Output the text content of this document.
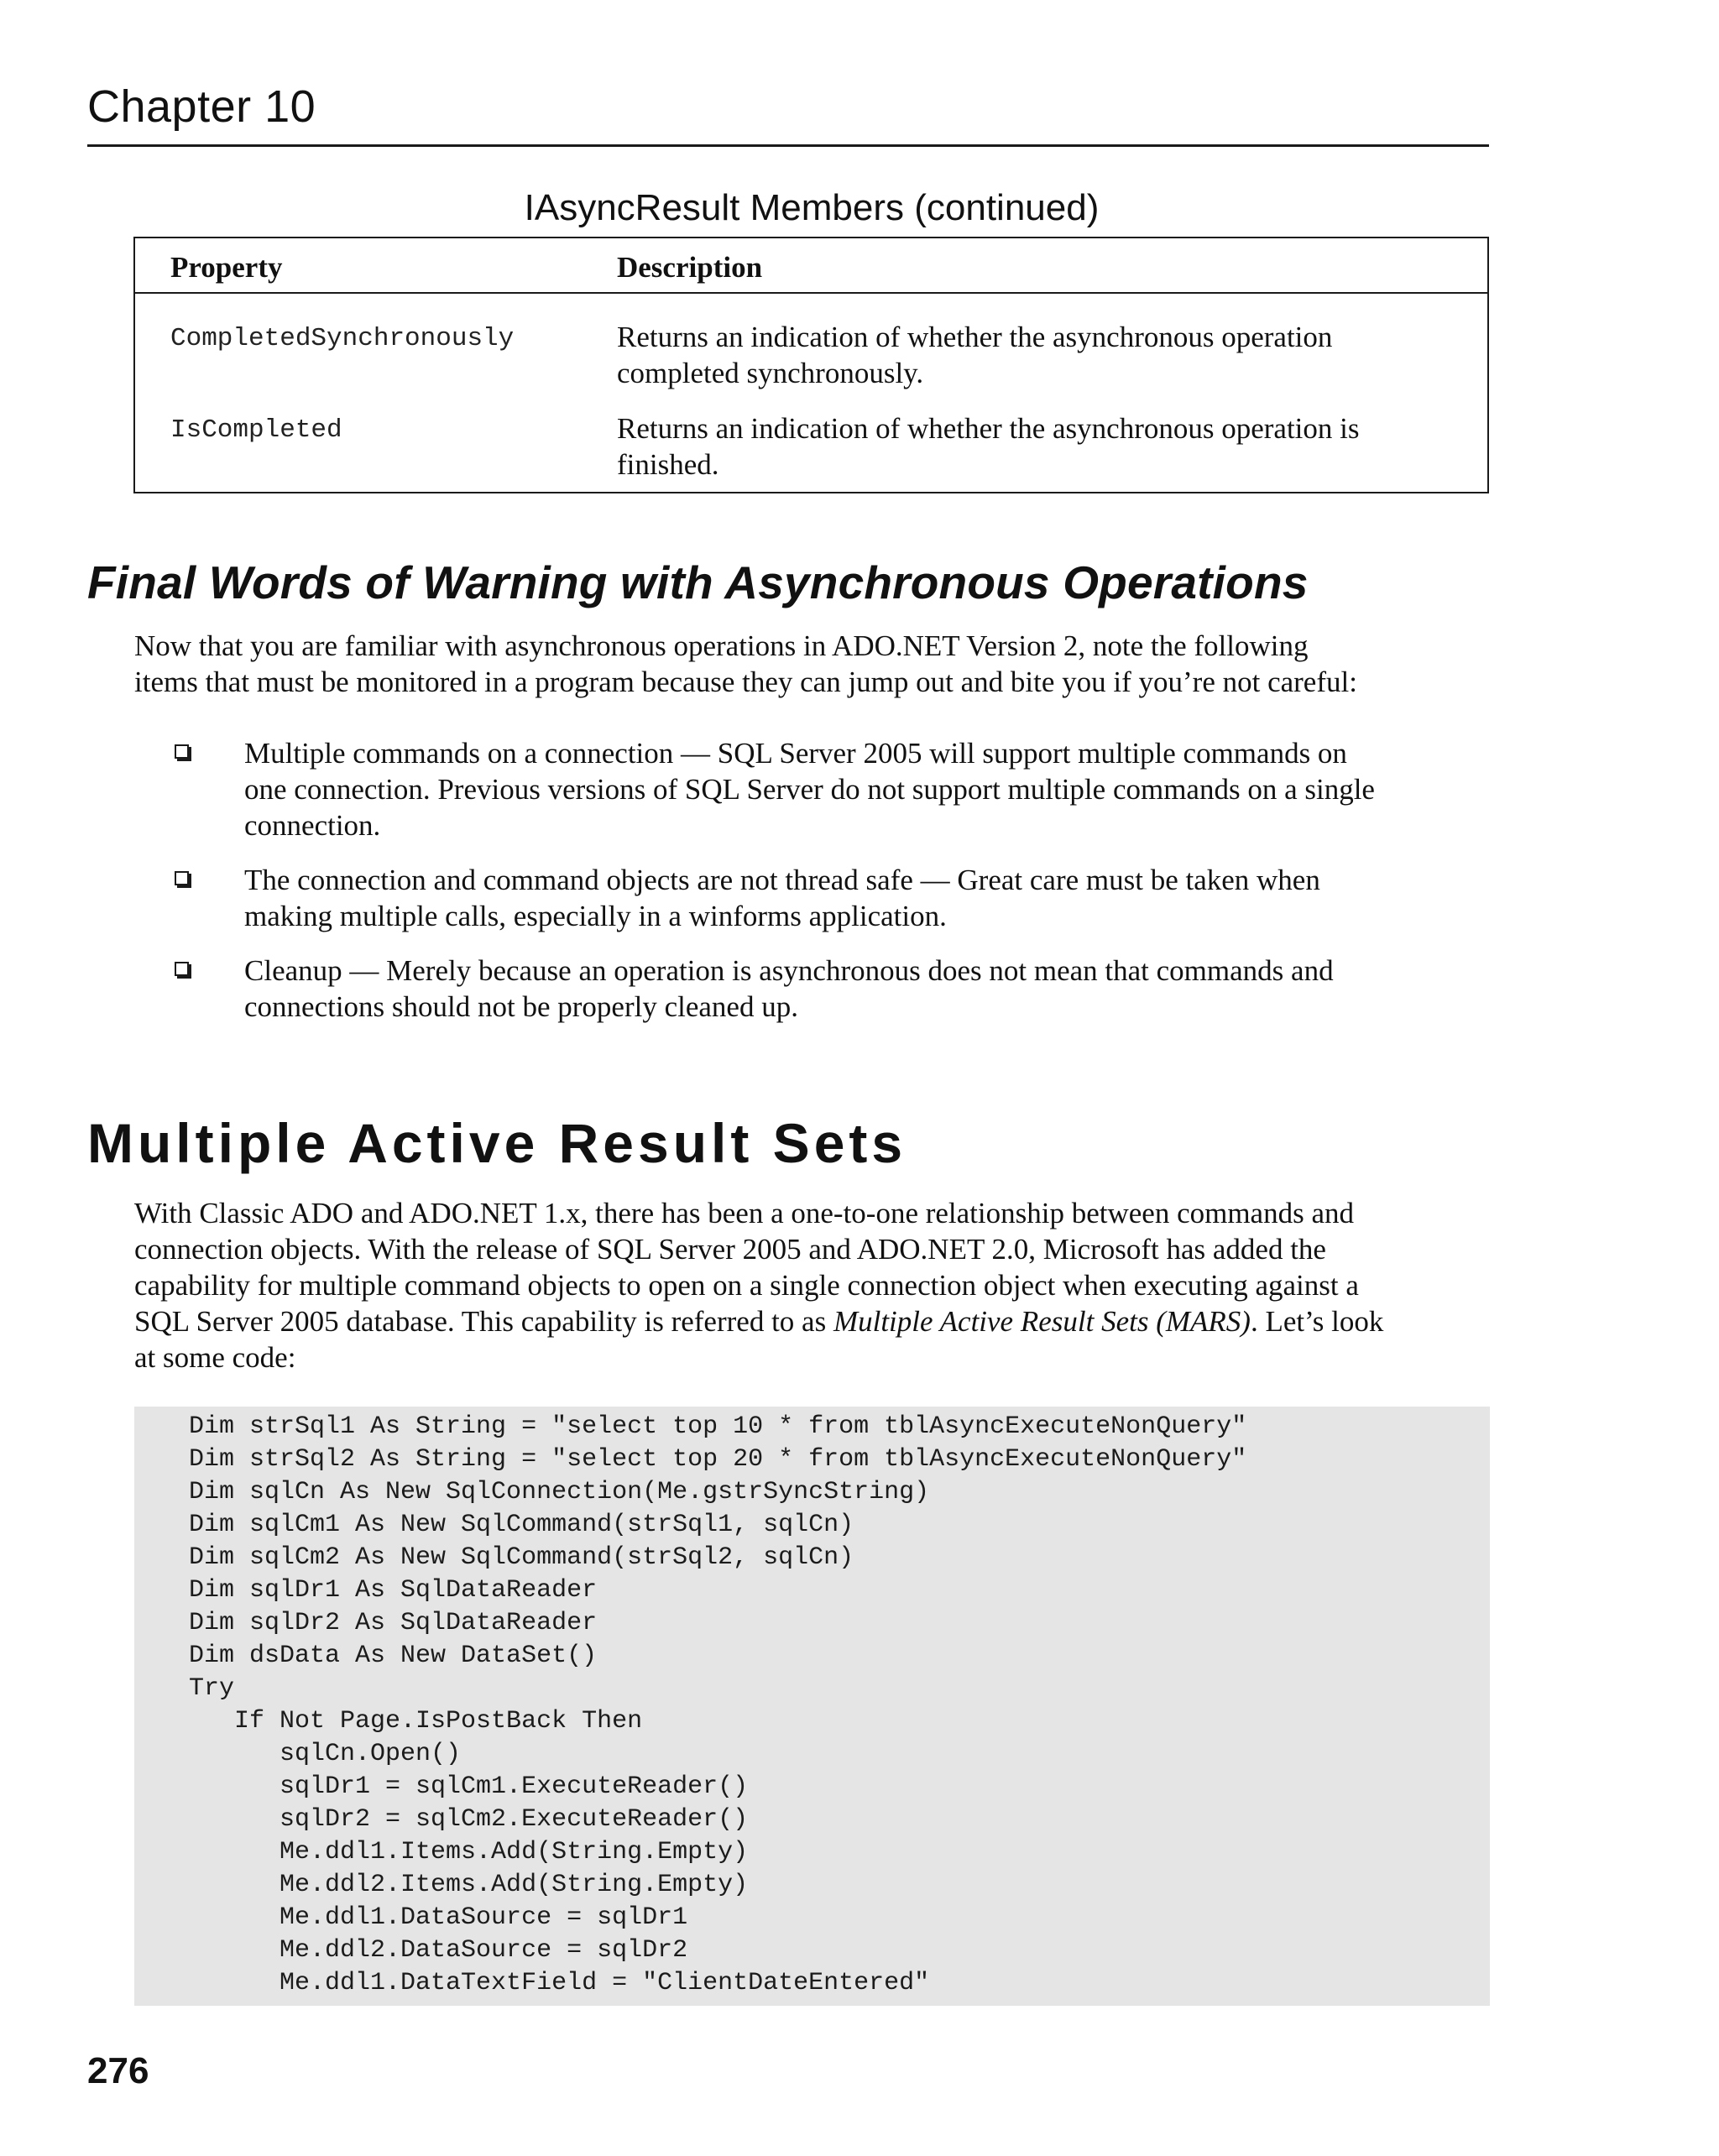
Chapter 10
IAsyncResult Members (continued)
Property	Description
CompletedSynchronously	Returns an indication of whether the asynchronous operation
completed synchronously.
IsCompleted	Returns an indication of whether the asynchronous operation is
finished.
Final Words of Warning with Asynchronous Operations
Now that you are familiar with asynchronous operations in ADO.NET Version 2, note the following
items that must be monitored in a program because they can jump out and bite you if you’re not careful:
Multiple commands on a connection — SQL Server 2005 will support multiple commands on
one connection. Previous versions of SQL Server do not support multiple commands on a single
connection.
The connection and command objects are not thread safe — Great care must be taken when
making multiple calls, especially in a winforms application.
Cleanup — Merely because an operation is asynchronous does not mean that commands and
connections should not be properly cleaned up.
Multiple Active Result Sets
With Classic ADO and ADO.NET 1.x, there has been a one-to-one relationship between commands and
connection objects. With the release of SQL Server 2005 and ADO.NET 2.0, Microsoft has added the
capability for multiple command objects to open on a single connection object when executing against a
SQL Server 2005 database. This capability is referred to as Multiple Active Result Sets (MARS). Let’s look
at some code:
Dim strSql1 As String = "select top 10 * from tblAsyncExecuteNonQuery"
Dim strSql2 As String = "select top 20 * from tblAsyncExecuteNonQuery"
Dim sqlCn As New SqlConnection(Me.gstrSyncString)
Dim sqlCm1 As New SqlCommand(strSql1, sqlCn)
Dim sqlCm2 As New SqlCommand(strSql2, sqlCn)
Dim sqlDr1 As SqlDataReader
Dim sqlDr2 As SqlDataReader
Dim dsData As New DataSet()
Try
If Not Page.IsPostBack Then
sqlCn.Open()
sqlDr1 = sqlCm1.ExecuteReader()
sqlDr2 = sqlCm2.ExecuteReader()
Me.ddl1.Items.Add(String.Empty)
Me.ddl2.Items.Add(String.Empty)
Me.ddl1.DataSource = sqlDr1
Me.ddl2.DataSource = sqlDr2
Me.ddl1.DataTextField = "ClientDateEntered"
276
